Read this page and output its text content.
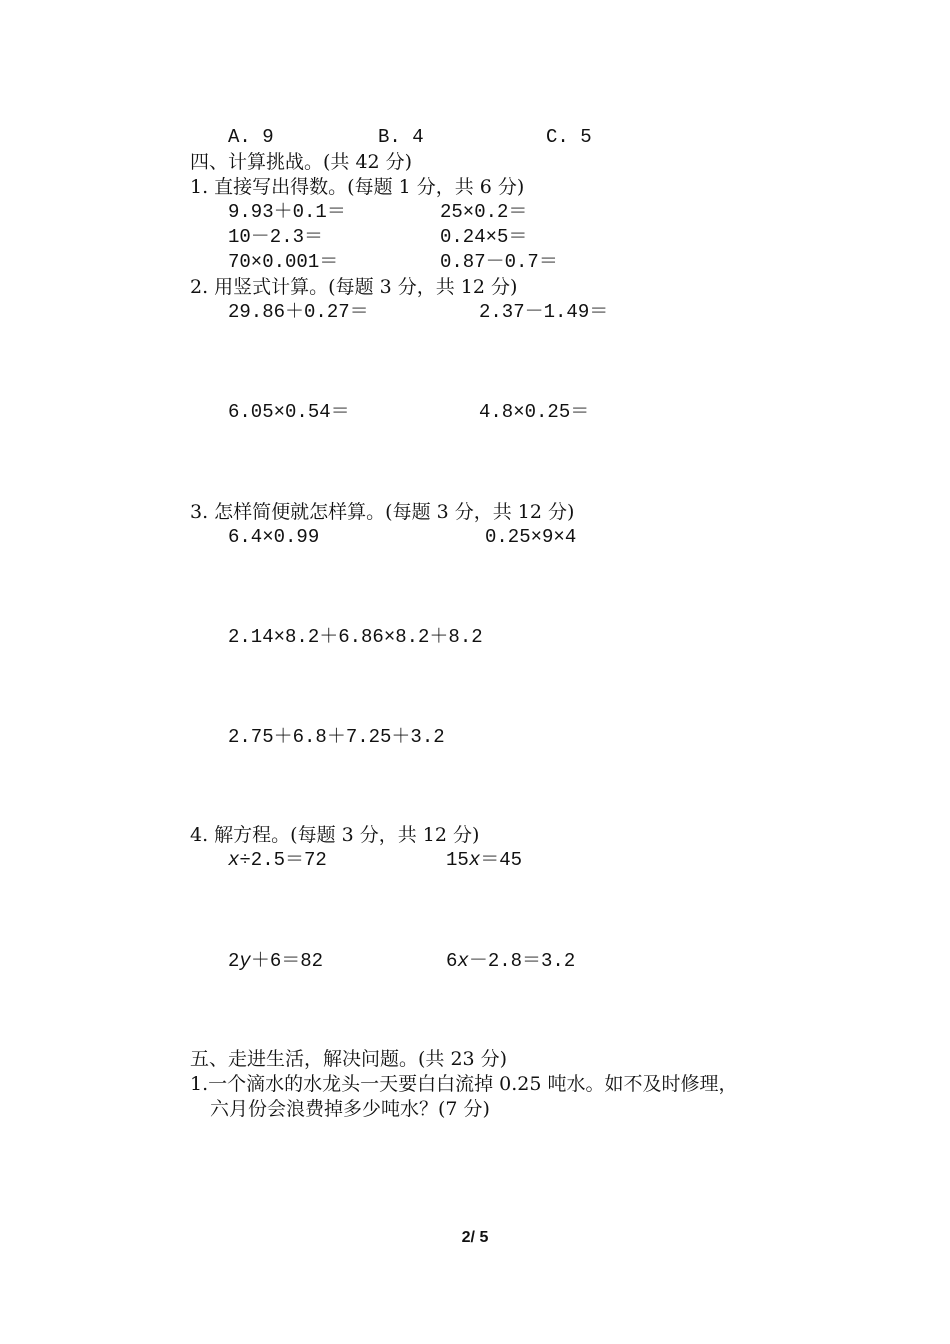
A. 9	B. 4	C. 5
四、计算挑战。(共 42 分)
1. 直接写出得数。(每题 1 分，共 6 分)
9.93＋0.1＝	25×0.2＝
10－2.3＝	0.24×5＝
70×0.001＝	0.87－0.7＝
2. 用竖式计算。(每题 3 分，共 12 分)
29.86＋0.27＝	2.37－1.49＝
6.05×0.54＝	4.8×0.25＝
3. 怎样简便就怎样算。(每题 3 分，共 12 分)
6.4×0.99	0.25×9×4
2.14×8.2＋6.86×8.2＋8.2
2.75＋6.8＋7.25＋3.2
4. 解方程。(每题 3 分，共 12 分)
x÷2.5＝72	15x＝45
2y＋6＝82	6x－2.8＝3.2
五、走进生活，解决问题。(共 23 分)
1.一个滴水的水龙头一天要白白流掉 0.25 吨水。如不及时修理，
六月份会浪费掉多少吨水？(7 分)
2/ 5
